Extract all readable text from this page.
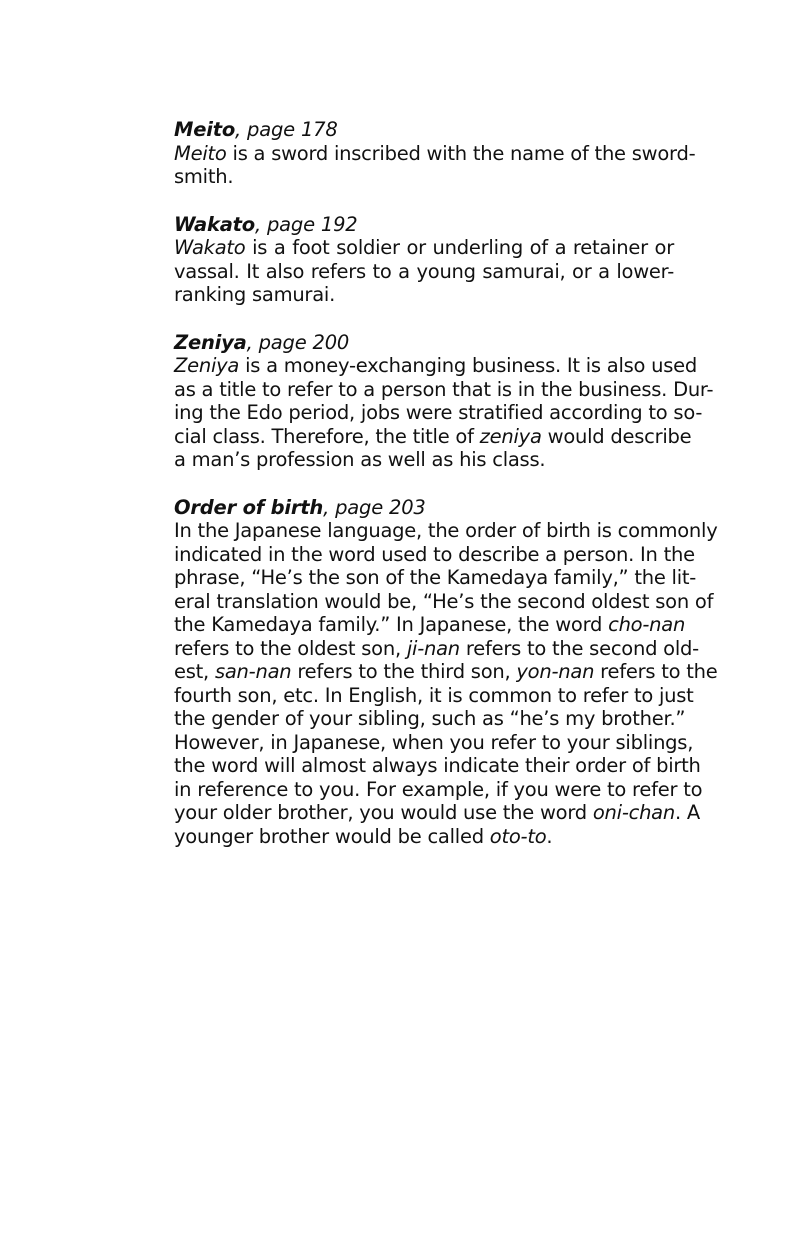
Meito, page 178
Meito is a sword inscribed with the name of the sword-
smith.
Wakato, page 192
Wakato is a foot soldier or underling of a retainer or
vassal. It also refers to a young samurai, or a lower-
ranking samurai.
Zeniya, page 200
Zeniya is a money-exchanging business. It is also used
as a title to refer to a person that is in the business. Dur-
ing the Edo period, jobs were stratified according to so-
cial class. Therefore, the title of zeniya would describe
a man’s profession as well as his class.
Order of birth, page 203
In the Japanese language, the order of birth is commonly
indicated in the word used to describe a person. In the
phrase, “He’s the son of the Kamedaya family,” the lit-
eral translation would be, “He’s the second oldest son of
the Kamedaya family.” In Japanese, the word cho-nan
refers to the oldest son, ji-nan refers to the second old-
est, san-nan refers to the third son, yon-nan refers to the
fourth son, etc. In English, it is common to refer to just
the gender of your sibling, such as “he’s my brother.”
However, in Japanese, when you refer to your siblings,
the word will almost always indicate their order of birth
in reference to you. For example, if you were to refer to
your older brother, you would use the word oni-chan. A
younger brother would be called oto-to.
